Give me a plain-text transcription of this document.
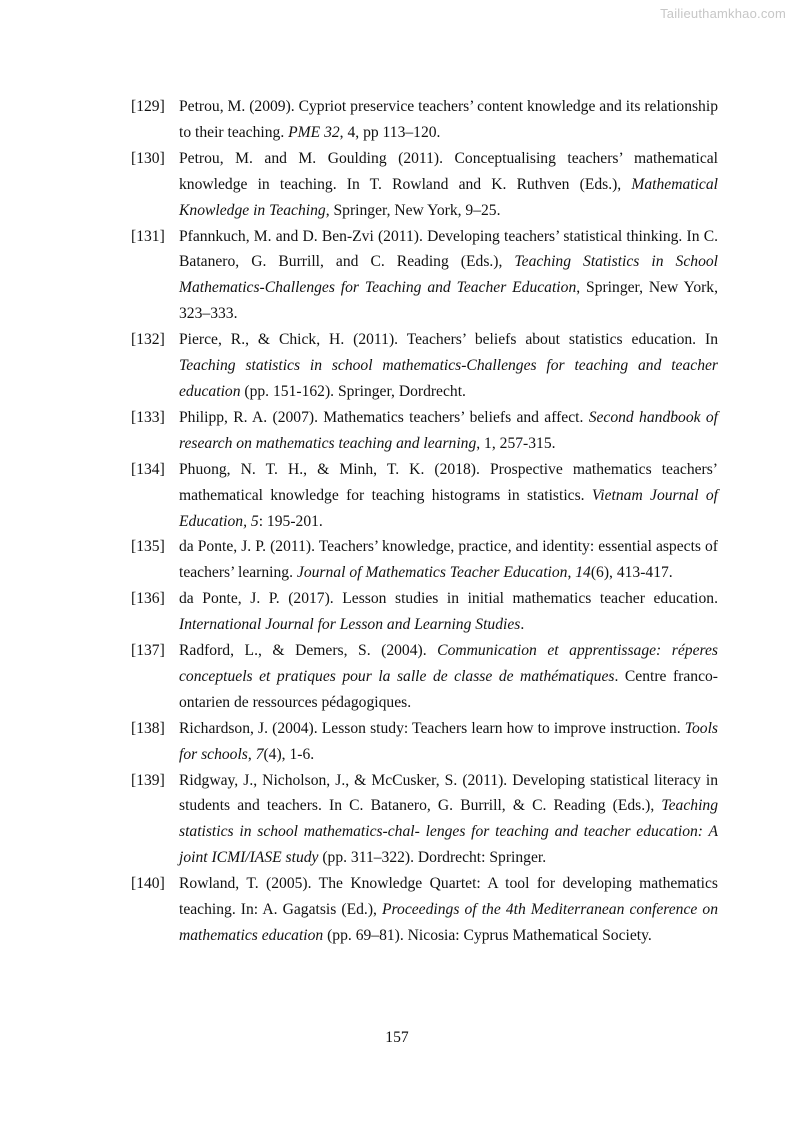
Tailieuthamkhao.com
[129] Petrou, M. (2009). Cypriot preservice teachers’ content knowledge and its relationship to their teaching. PME 32, 4, pp 113–120.
[130] Petrou, M. and M. Goulding (2011). Conceptualising teachers’ mathematical knowledge in teaching. In T. Rowland and K. Ruthven (Eds.), Mathematical Knowledge in Teaching, Springer, New York, 9–25.
[131] Pfannkuch, M. and D. Ben-Zvi (2011). Developing teachers’ statistical thinking. In C. Batanero, G. Burrill, and C. Reading (Eds.), Teaching Statistics in School Mathematics-Challenges for Teaching and Teacher Education, Springer, New York, 323–333.
[132] Pierce, R., & Chick, H. (2011). Teachers’ beliefs about statistics education. In Teaching statistics in school mathematics-Challenges for teaching and teacher education (pp. 151-162). Springer, Dordrecht.
[133] Philipp, R. A. (2007). Mathematics teachers’ beliefs and affect. Second handbook of research on mathematics teaching and learning, 1, 257-315.
[134] Phuong, N. T. H., & Minh, T. K. (2018). Prospective mathematics teachers’ mathematical knowledge for teaching histograms in statistics. Vietnam Journal of Education, 5: 195-201.
[135] da Ponte, J. P. (2011). Teachers’ knowledge, practice, and identity: essential aspects of teachers’ learning. Journal of Mathematics Teacher Education, 14(6), 413-417.
[136] da Ponte, J. P. (2017). Lesson studies in initial mathematics teacher education. International Journal for Lesson and Learning Studies.
[137] Radford, L., & Demers, S. (2004). Communication et apprentissage: réperes conceptuels et pratiques pour la salle de classe de mathématiques. Centre franco-ontarien de ressources pédagogiques.
[138] Richardson, J. (2004). Lesson study: Teachers learn how to improve instruction. Tools for schools, 7(4), 1-6.
[139] Ridgway, J., Nicholson, J., & McCusker, S. (2011). Developing statistical literacy in students and teachers. In C. Batanero, G. Burrill, & C. Reading (Eds.), Teaching statistics in school mathematics-chal- lenges for teaching and teacher education: A joint ICMI/IASE study (pp. 311–322). Dordrecht: Springer.
[140] Rowland, T. (2005). The Knowledge Quartet: A tool for developing mathematics teaching. In: A. Gagatsis (Ed.), Proceedings of the 4th Mediterranean conference on mathematics education (pp. 69–81). Nicosia: Cyprus Mathematical Society.
157
